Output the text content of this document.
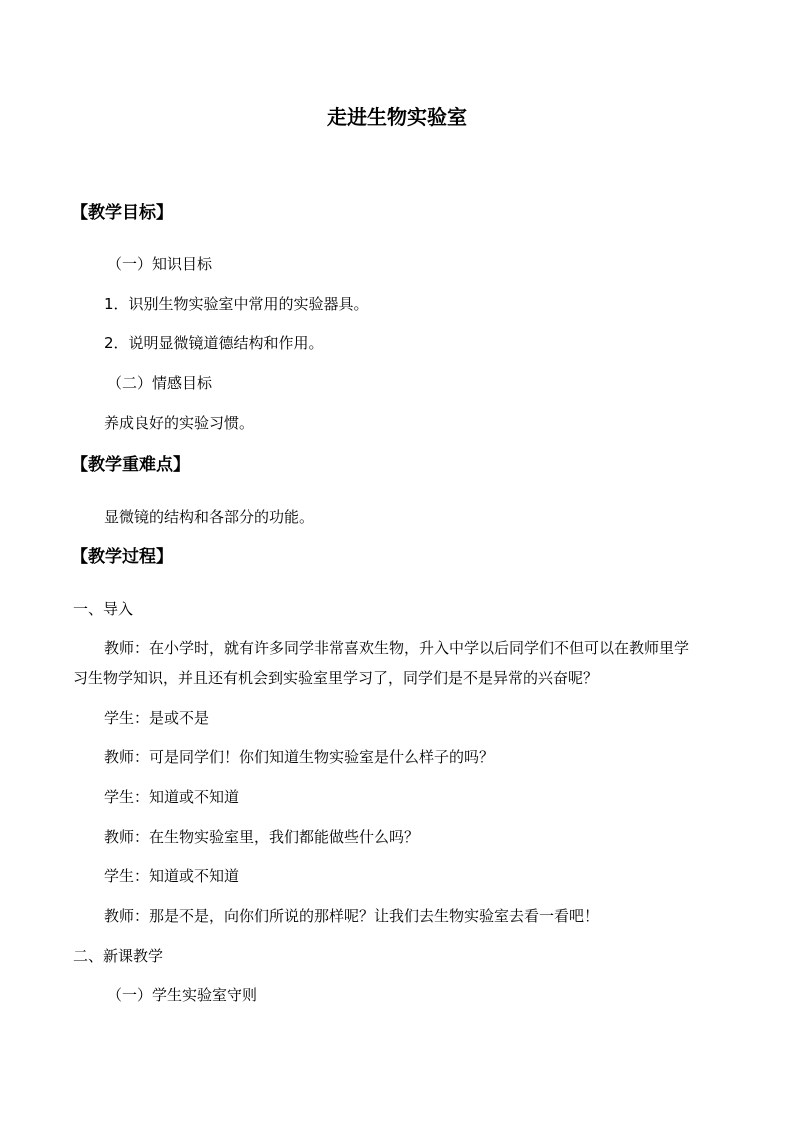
走进生物实验室
【教学目标】
（一）知识目标
1．识别生物实验室中常用的实验器具。
2．说明显微镜道德结构和作用。
（二）情感目标
养成良好的实验习惯。
【教学重难点】
显微镜的结构和各部分的功能。
【教学过程】
一、导入
教师：在小学时，就有许多同学非常喜欢生物，升入中学以后同学们不但可以在教师里学
习生物学知识，并且还有机会到实验室里学习了，同学们是不是异常的兴奋呢？
学生：是或不是
教师：可是同学们！你们知道生物实验室是什么样子的吗？
学生：知道或不知道
教师：在生物实验室里，我们都能做些什么吗？
学生：知道或不知道
教师：那是不是，向你们所说的那样呢？让我们去生物实验室去看一看吧！
二、新课教学
（一）学生实验室守则
